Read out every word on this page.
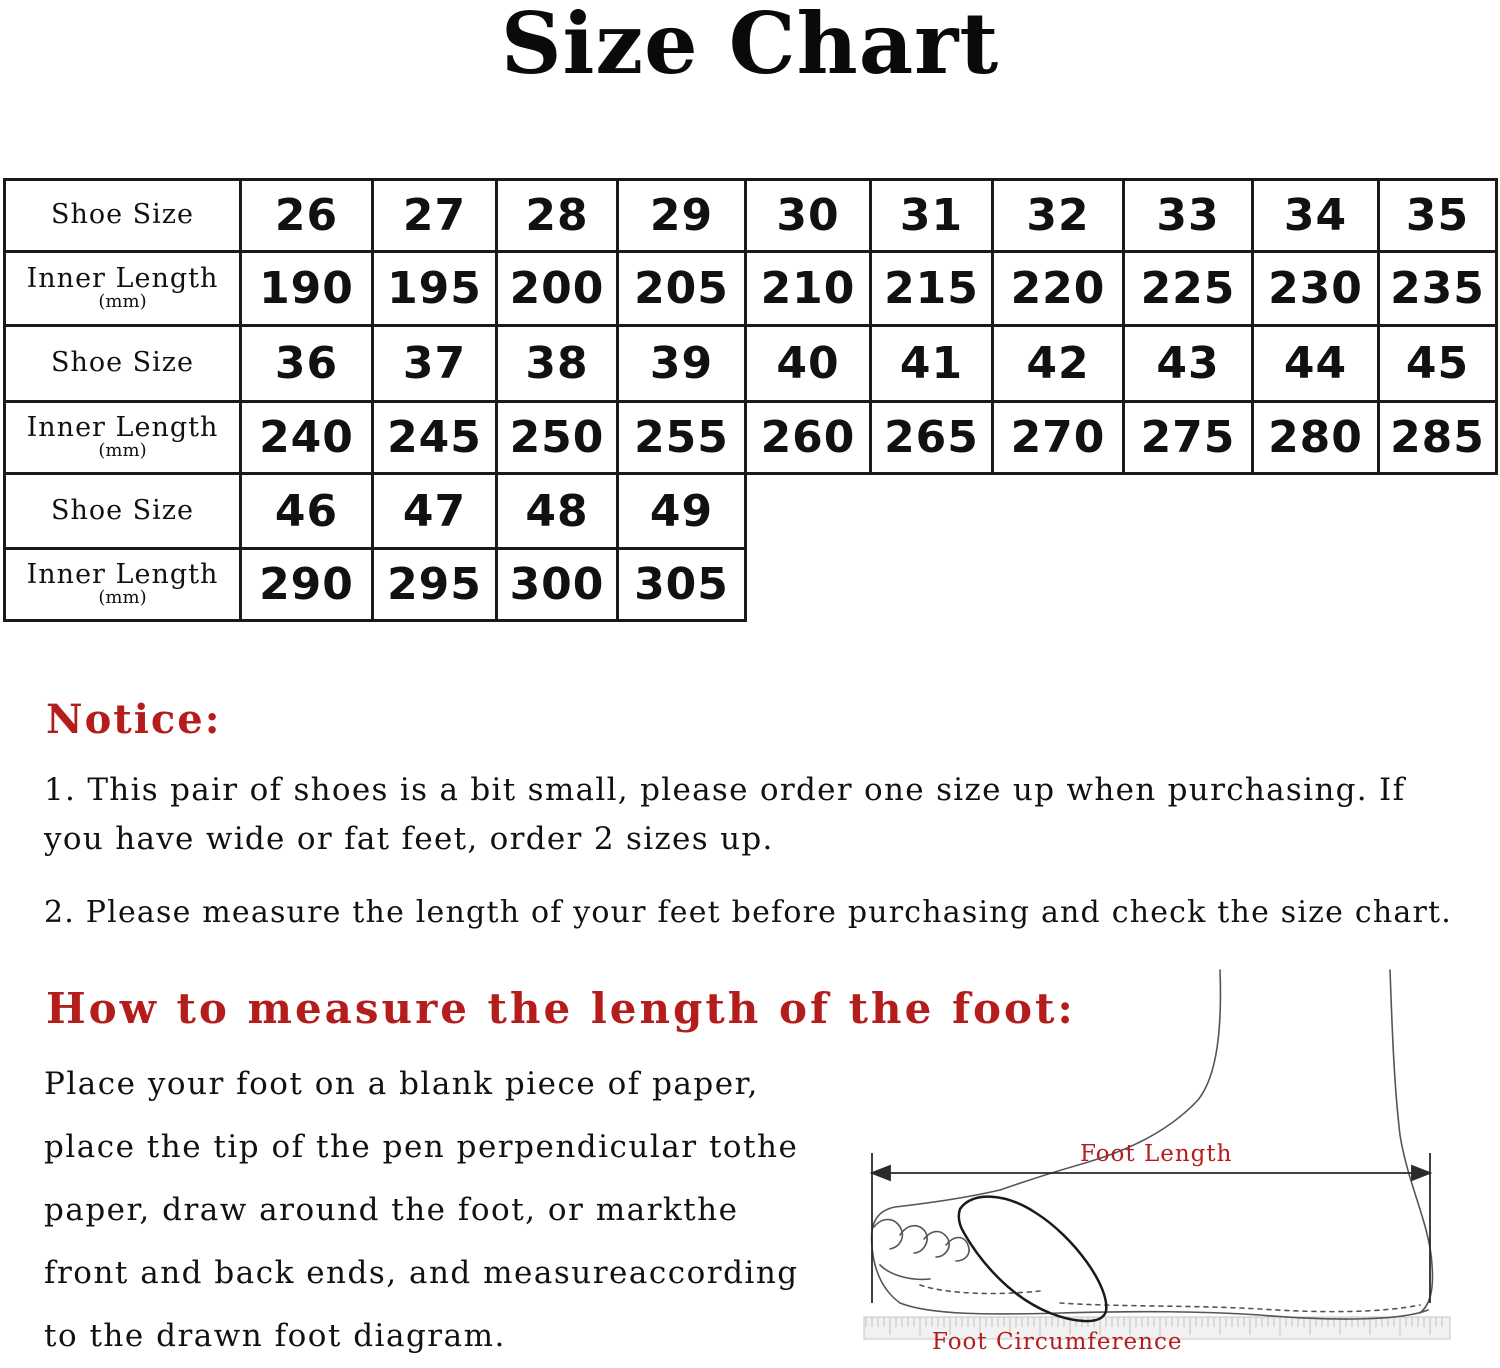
Size Chart
Shoe Size	26	27	28	29	30	31	32	33	34	35
Inner Length
(mm)	190	195	200	205	210	215	220	225	230	235
Shoe Size	36	37	38	39	40	41	42	43	44	45
Inner Length
(mm)	240	245	250	255	260	265	270	275	280	285
Shoe Size	46	47	48	49						
Inner Length
(mm)	290	295	300	305						
Notice:
1. This pair of shoes is a bit small, please order one size up when purchasing. If you have wide or fat feet, order 2 sizes up.
2. Please measure the length of your feet before purchasing and check the size chart.
How to measure the length of the foot:
Place your foot on a blank piece of paper, place the tip of the pen perpendicular tothe paper, draw around the foot, or markthe front and back ends, and measureaccording to the drawn foot diagram.
Foot Length
Foot Circumference
